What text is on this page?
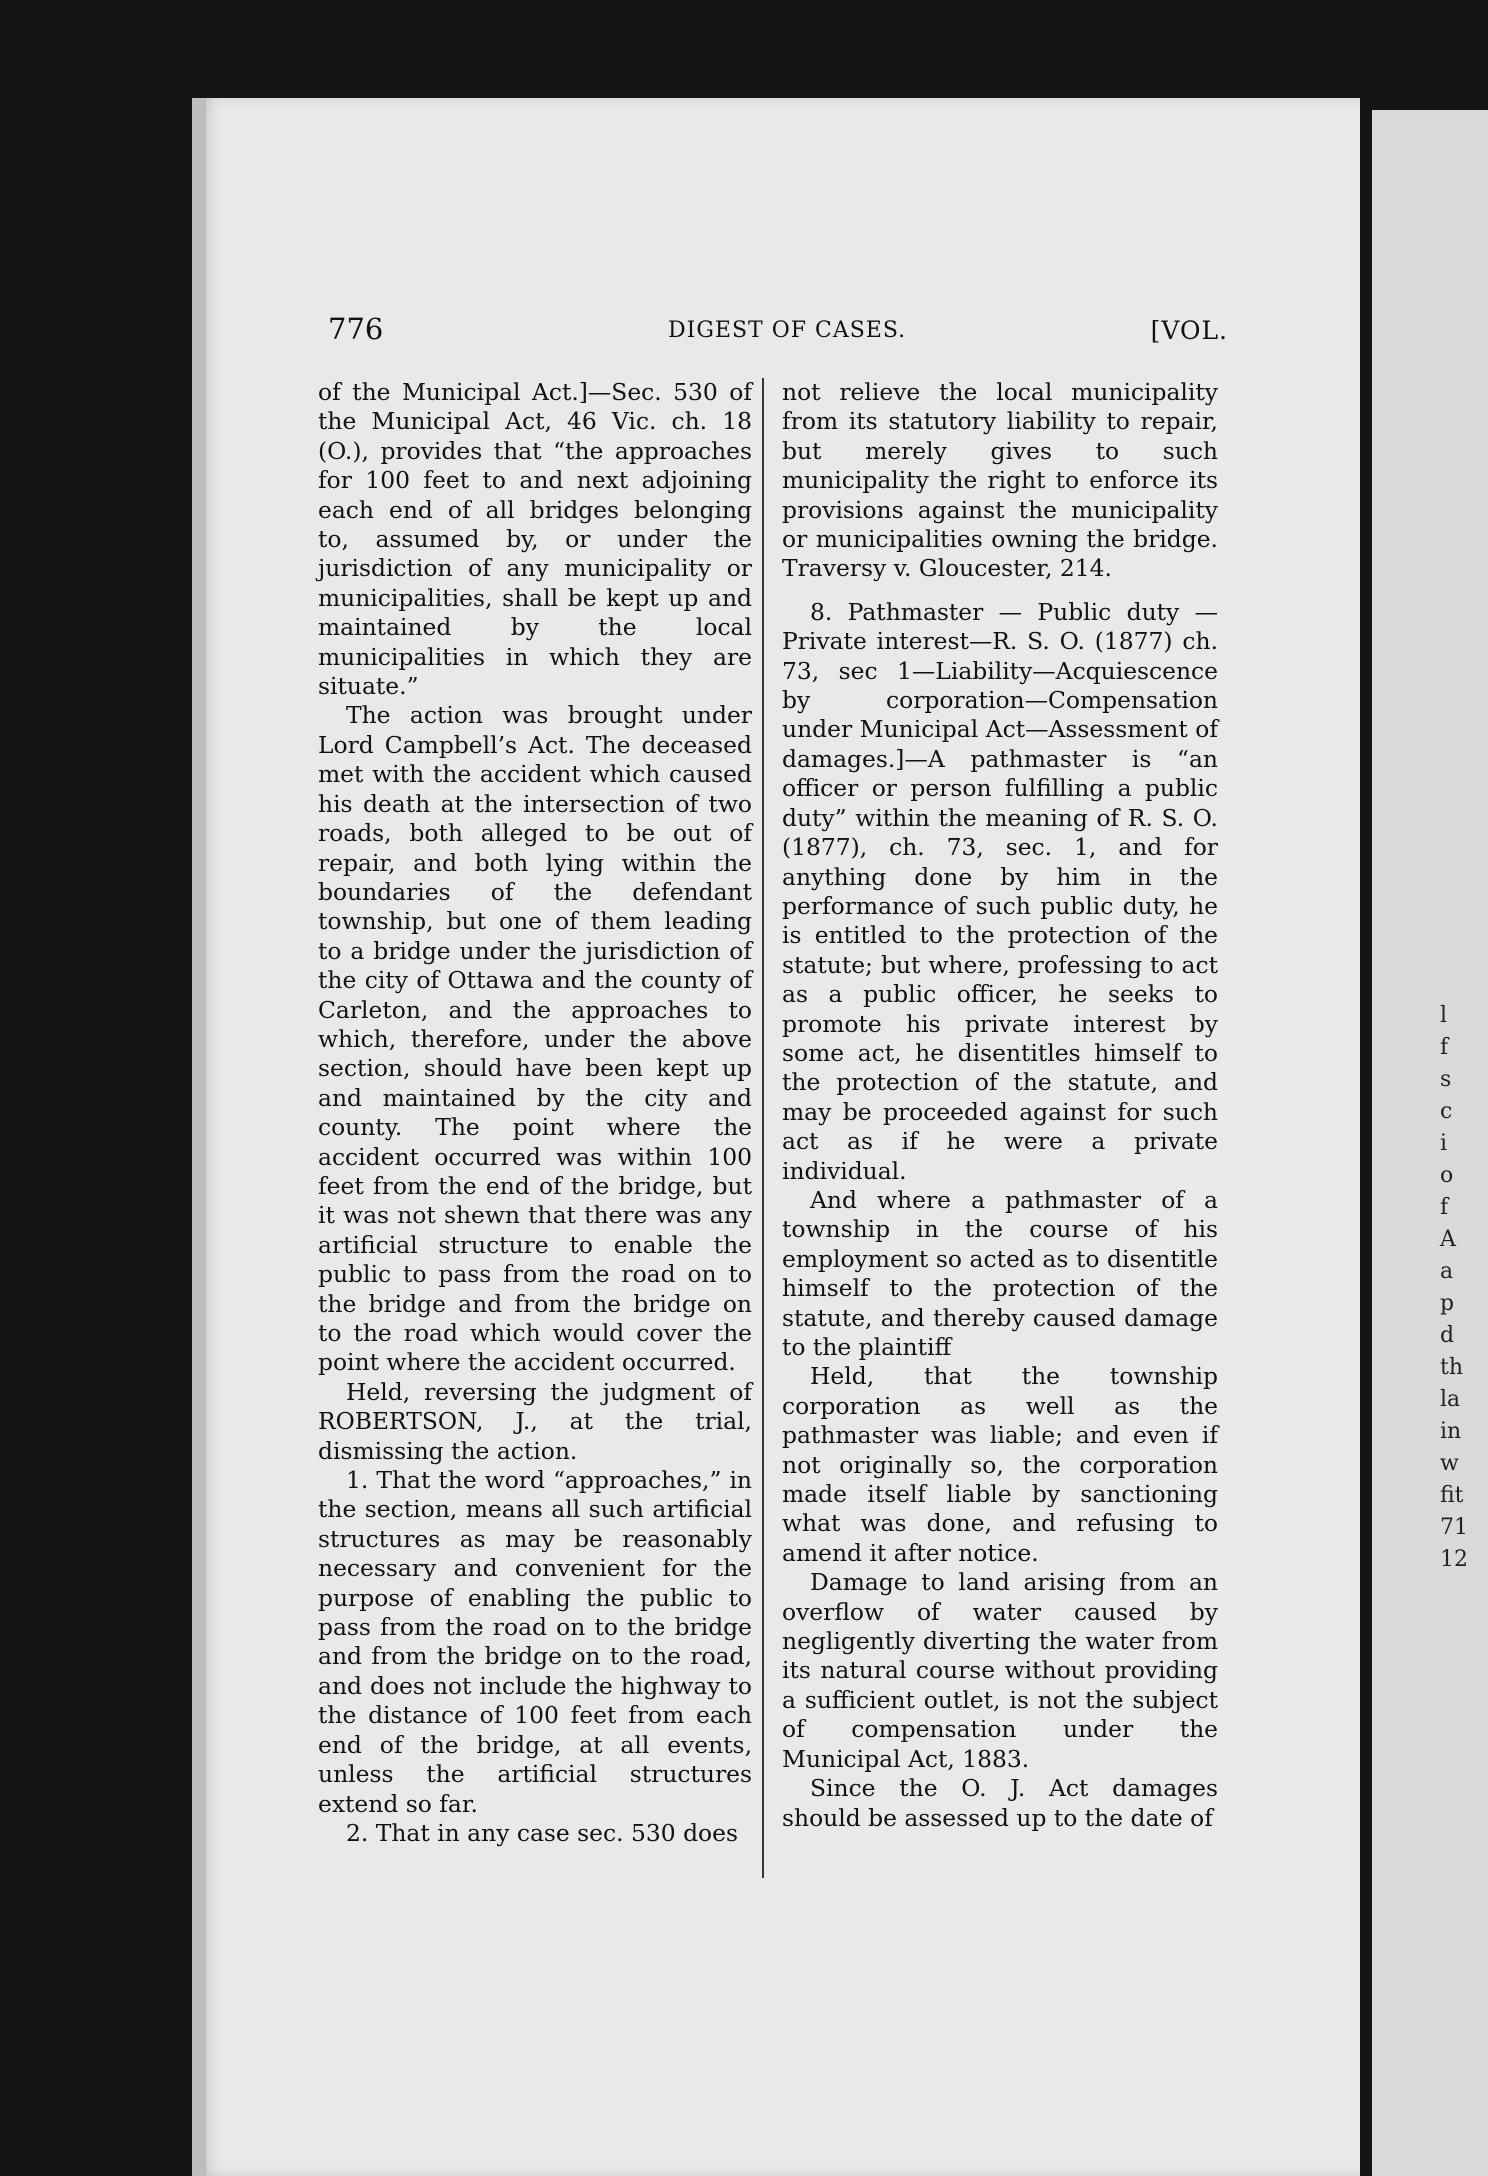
776	DIGEST OF CASES.	[VOL.

of the Municipal Act.]—Sec. 530 of the Municipal Act, 46 Vic. ch. 18 (O.), provides that “the approaches for 100 feet to and next adjoining each end of all bridges belonging to, assumed by, or under the jurisdiction of any municipality or municipalities, shall be kept up and maintained by the local municipalities in which they are situate.”

The action was brought under Lord Campbell’s Act. The deceased met with the accident which caused his death at the intersection of two roads, both alleged to be out of repair, and both lying within the boundaries of the defendant township, but one of them leading to a bridge under the jurisdiction of the city of Ottawa and the county of Carleton, and the approaches to which, therefore, under the above section, should have been kept up and maintained by the city and county. The point where the accident occurred was within 100 feet from the end of the bridge, but it was not shewn that there was any artificial structure to enable the public to pass from the road on to the bridge and from the bridge on to the road which would cover the point where the accident occurred.

Held, reversing the judgment of ROBERTSON, J., at the trial, dismissing the action.

1. That the word “approaches,” in the section, means all such artificial structures as may be reasonably necessary and convenient for the purpose of enabling the public to pass from the road on to the bridge and from the bridge on to the road, and does not include the highway to the distance of 100 feet from each end of the bridge, at all events, unless the artificial structures extend so far.

2. That in any case sec. 530 does

not relieve the local municipality from its statutory liability to repair, but merely gives to such municipality the right to enforce its provisions against the municipality or municipalities owning the bridge. Traversy v. Gloucester, 214.

8. Pathmaster — Public duty — Private interest—R. S. O. (1877) ch. 73, sec 1—Liability—Acquiescence by corporation—Compensation under Municipal Act—Assessment of damages.]—A pathmaster is “an officer or person fulfilling a public duty” within the meaning of R. S. O. (1877), ch. 73, sec. 1, and for anything done by him in the performance of such public duty, he is entitled to the protection of the statute; but where, professing to act as a public officer, he seeks to promote his private interest by some act, he disentitles himself to the protection of the statute, and may be proceeded against for such act as if he were a private individual.

And where a pathmaster of a township in the course of his employment so acted as to disentitle himself to the protection of the statute, and thereby caused damage to the plaintiff

Held, that the township corporation as well as the pathmaster was liable; and even if not originally so, the corporation made itself liable by sanctioning what was done, and refusing to amend it after notice.

Damage to land arising from an overflow of water caused by negligently diverting the water from its natural course without providing a sufficient outlet, is not the subject of compensation under the Municipal Act, 1883.

Since the O. J. Act damages should be assessed up to the date of

l
f
s
c
i
o
f
A
a
p
d
th
la
in
w
fit
71
12
